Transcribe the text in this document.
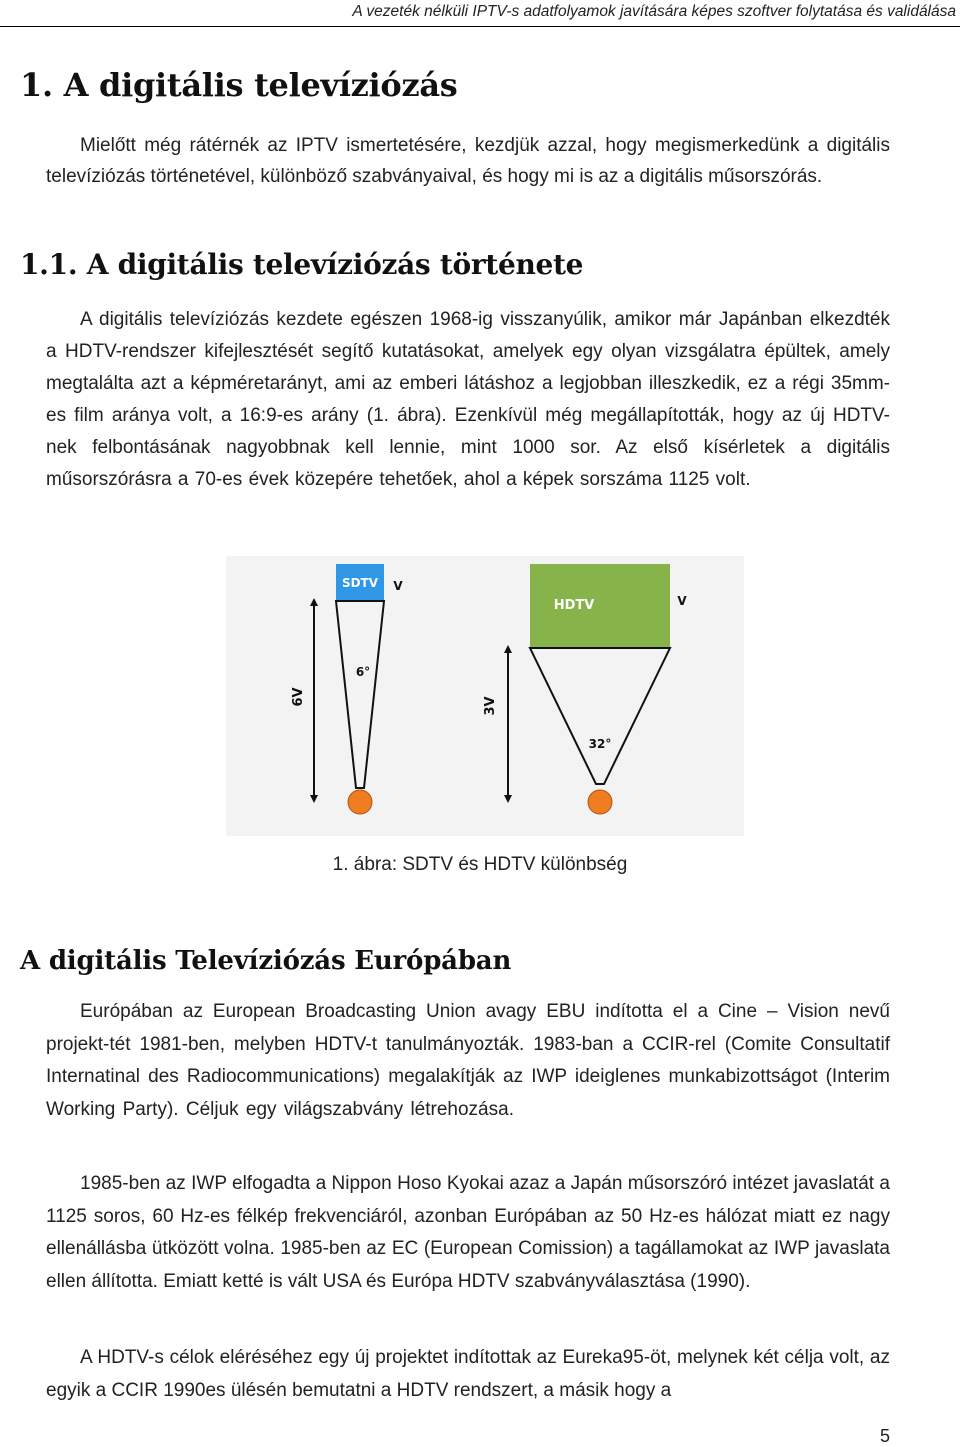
A vezeték nélküli IPTV-s adatfolyamok javítására képes szoftver folytatása és validálása
1. A digitális televíziózás

Mielőtt még rátérnék az IPTV ismertetésére, kezdjük azzal, hogy megismerkedünk a digitális televíziózás történetével, különböző szabványaival, és hogy mi is az a digitális műsorszórás.

1.1. A digitális televíziózás története

A digitális televíziózás kezdete egészen 1968-ig visszanyúlik, amikor már Japánban elkezdték a HDTV-rendszer kifejlesztését segítő kutatásokat, amelyek egy olyan vizsgálatra épültek, amely megtalálta azt a képméretarányt, ami az emberi látáshoz a legjobban illeszkedik, ez a régi 35mm-es film aránya volt, a 16:9-es arány (1. ábra). Ezenkívül még megállapították, hogy az új HDTV-nek felbontásának nagyobbnak kell lennie, mint 1000 sor. Az első kísérletek a digitális műsorszórásra a 70-es évek közepére tehetőek, ahol a képek sorszáma 1125 volt.

SDTV V
6°
6V
HDTV	V
32°
3V
1. ábra: SDTV és HDTV különbség
A digitális Televíziózás Európában

Európában az European Broadcasting Union avagy EBU indította el a Cine – Vision nevű projekt-tét 1981-ben, melyben HDTV-t tanulmányozták. 1983-ban a CCIR-rel (Comite Consultatif Internatinal des Radiocommunications) megalakítják az IWP ideiglenes munkabizottságot (Interim Working Party). Céljuk egy világszabvány létrehozása.

1985-ben az IWP elfogadta a Nippon Hoso Kyokai azaz a Japán műsorszóró intézet javaslatát a 1125 soros, 60 Hz-es félkép frekvenciáról, azonban Európában az 50 Hz-es hálózat miatt ez nagy ellenállásba ütközött volna. 1985-ben az EC (European Comission) a tagállamokat az IWP javaslata ellen állította. Emiatt ketté is vált USA és Európa HDTV szabványválasztása (1990).

A HDTV-s célok eléréséhez egy új projektet indítottak az Eureka95-öt, melynek két célja volt, az egyik a CCIR 1990es ülésén bemutatni a HDTV rendszert, a másik hogy a

5
